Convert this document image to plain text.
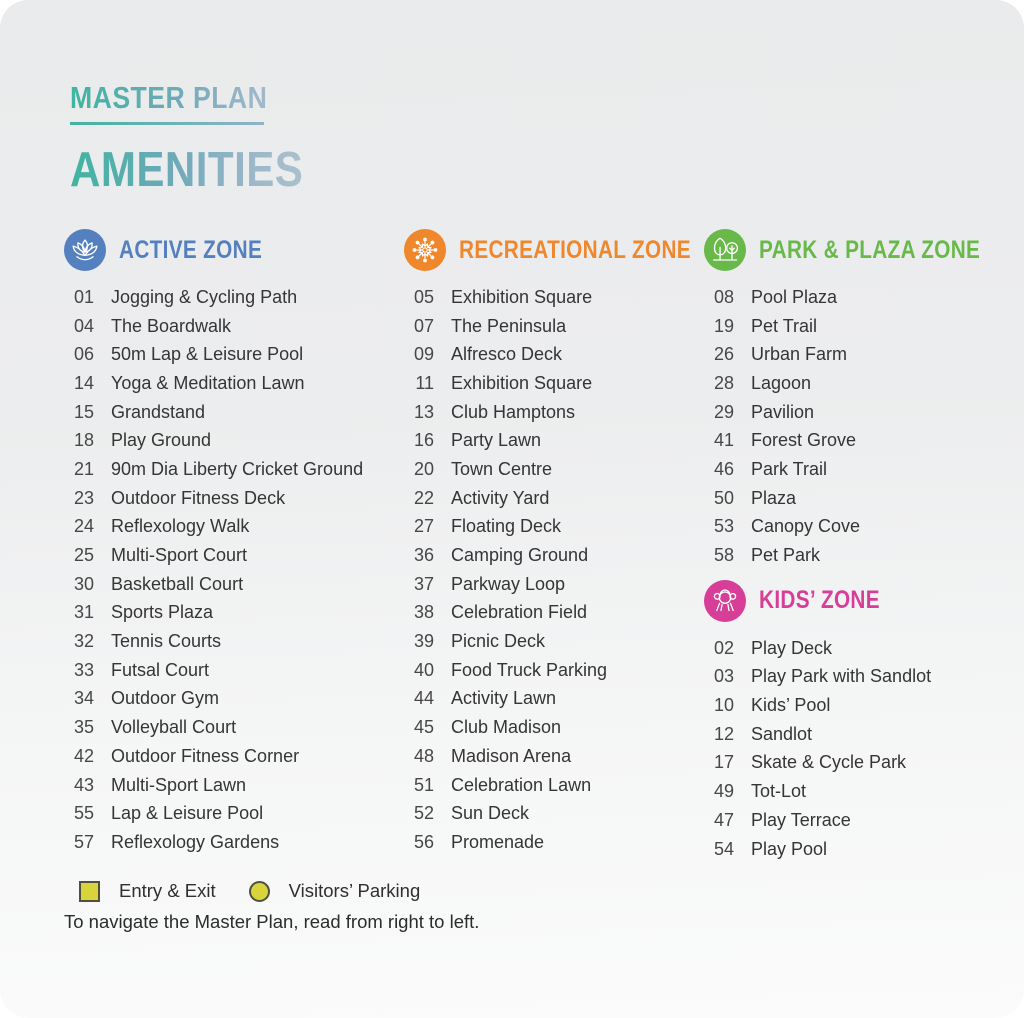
MASTER PLAN
AMENITIES
ACTIVE ZONE
01 Jogging & Cycling Path
04 The Boardwalk
06 50m Lap & Leisure Pool
14 Yoga & Meditation Lawn
15 Grandstand
18 Play Ground
21 90m Dia Liberty Cricket Ground
23 Outdoor Fitness Deck
24 Reflexology Walk
25 Multi-Sport Court
30 Basketball Court
31 Sports Plaza
32 Tennis Courts
33 Futsal Court
34 Outdoor Gym
35 Volleyball Court
42 Outdoor Fitness Corner
43 Multi-Sport Lawn
55 Lap & Leisure Pool
57 Reflexology Gardens
RECREATIONAL ZONE
05 Exhibition Square
07 The Peninsula
09 Alfresco Deck
11 Exhibition Square
13 Club Hamptons
16 Party Lawn
20 Town Centre
22 Activity Yard
27 Floating Deck
36 Camping Ground
37 Parkway Loop
38 Celebration Field
39 Picnic Deck
40 Food Truck Parking
44 Activity Lawn
45 Club Madison
48 Madison Arena
51 Celebration Lawn
52 Sun Deck
56 Promenade
PARK & PLAZA ZONE
08 Pool Plaza
19 Pet Trail
26 Urban Farm
28 Lagoon
29 Pavilion
41 Forest Grove
46 Park Trail
50 Plaza
53 Canopy Cove
58 Pet Park
KIDS’ ZONE
02 Play Deck
03 Play Park with Sandlot
10 Kids’ Pool
12 Sandlot
17 Skate & Cycle Park
49 Tot-Lot
47 Play Terrace
54 Play Pool
Entry & Exit	Visitors’ Parking

To navigate the Master Plan, read from right to left.
